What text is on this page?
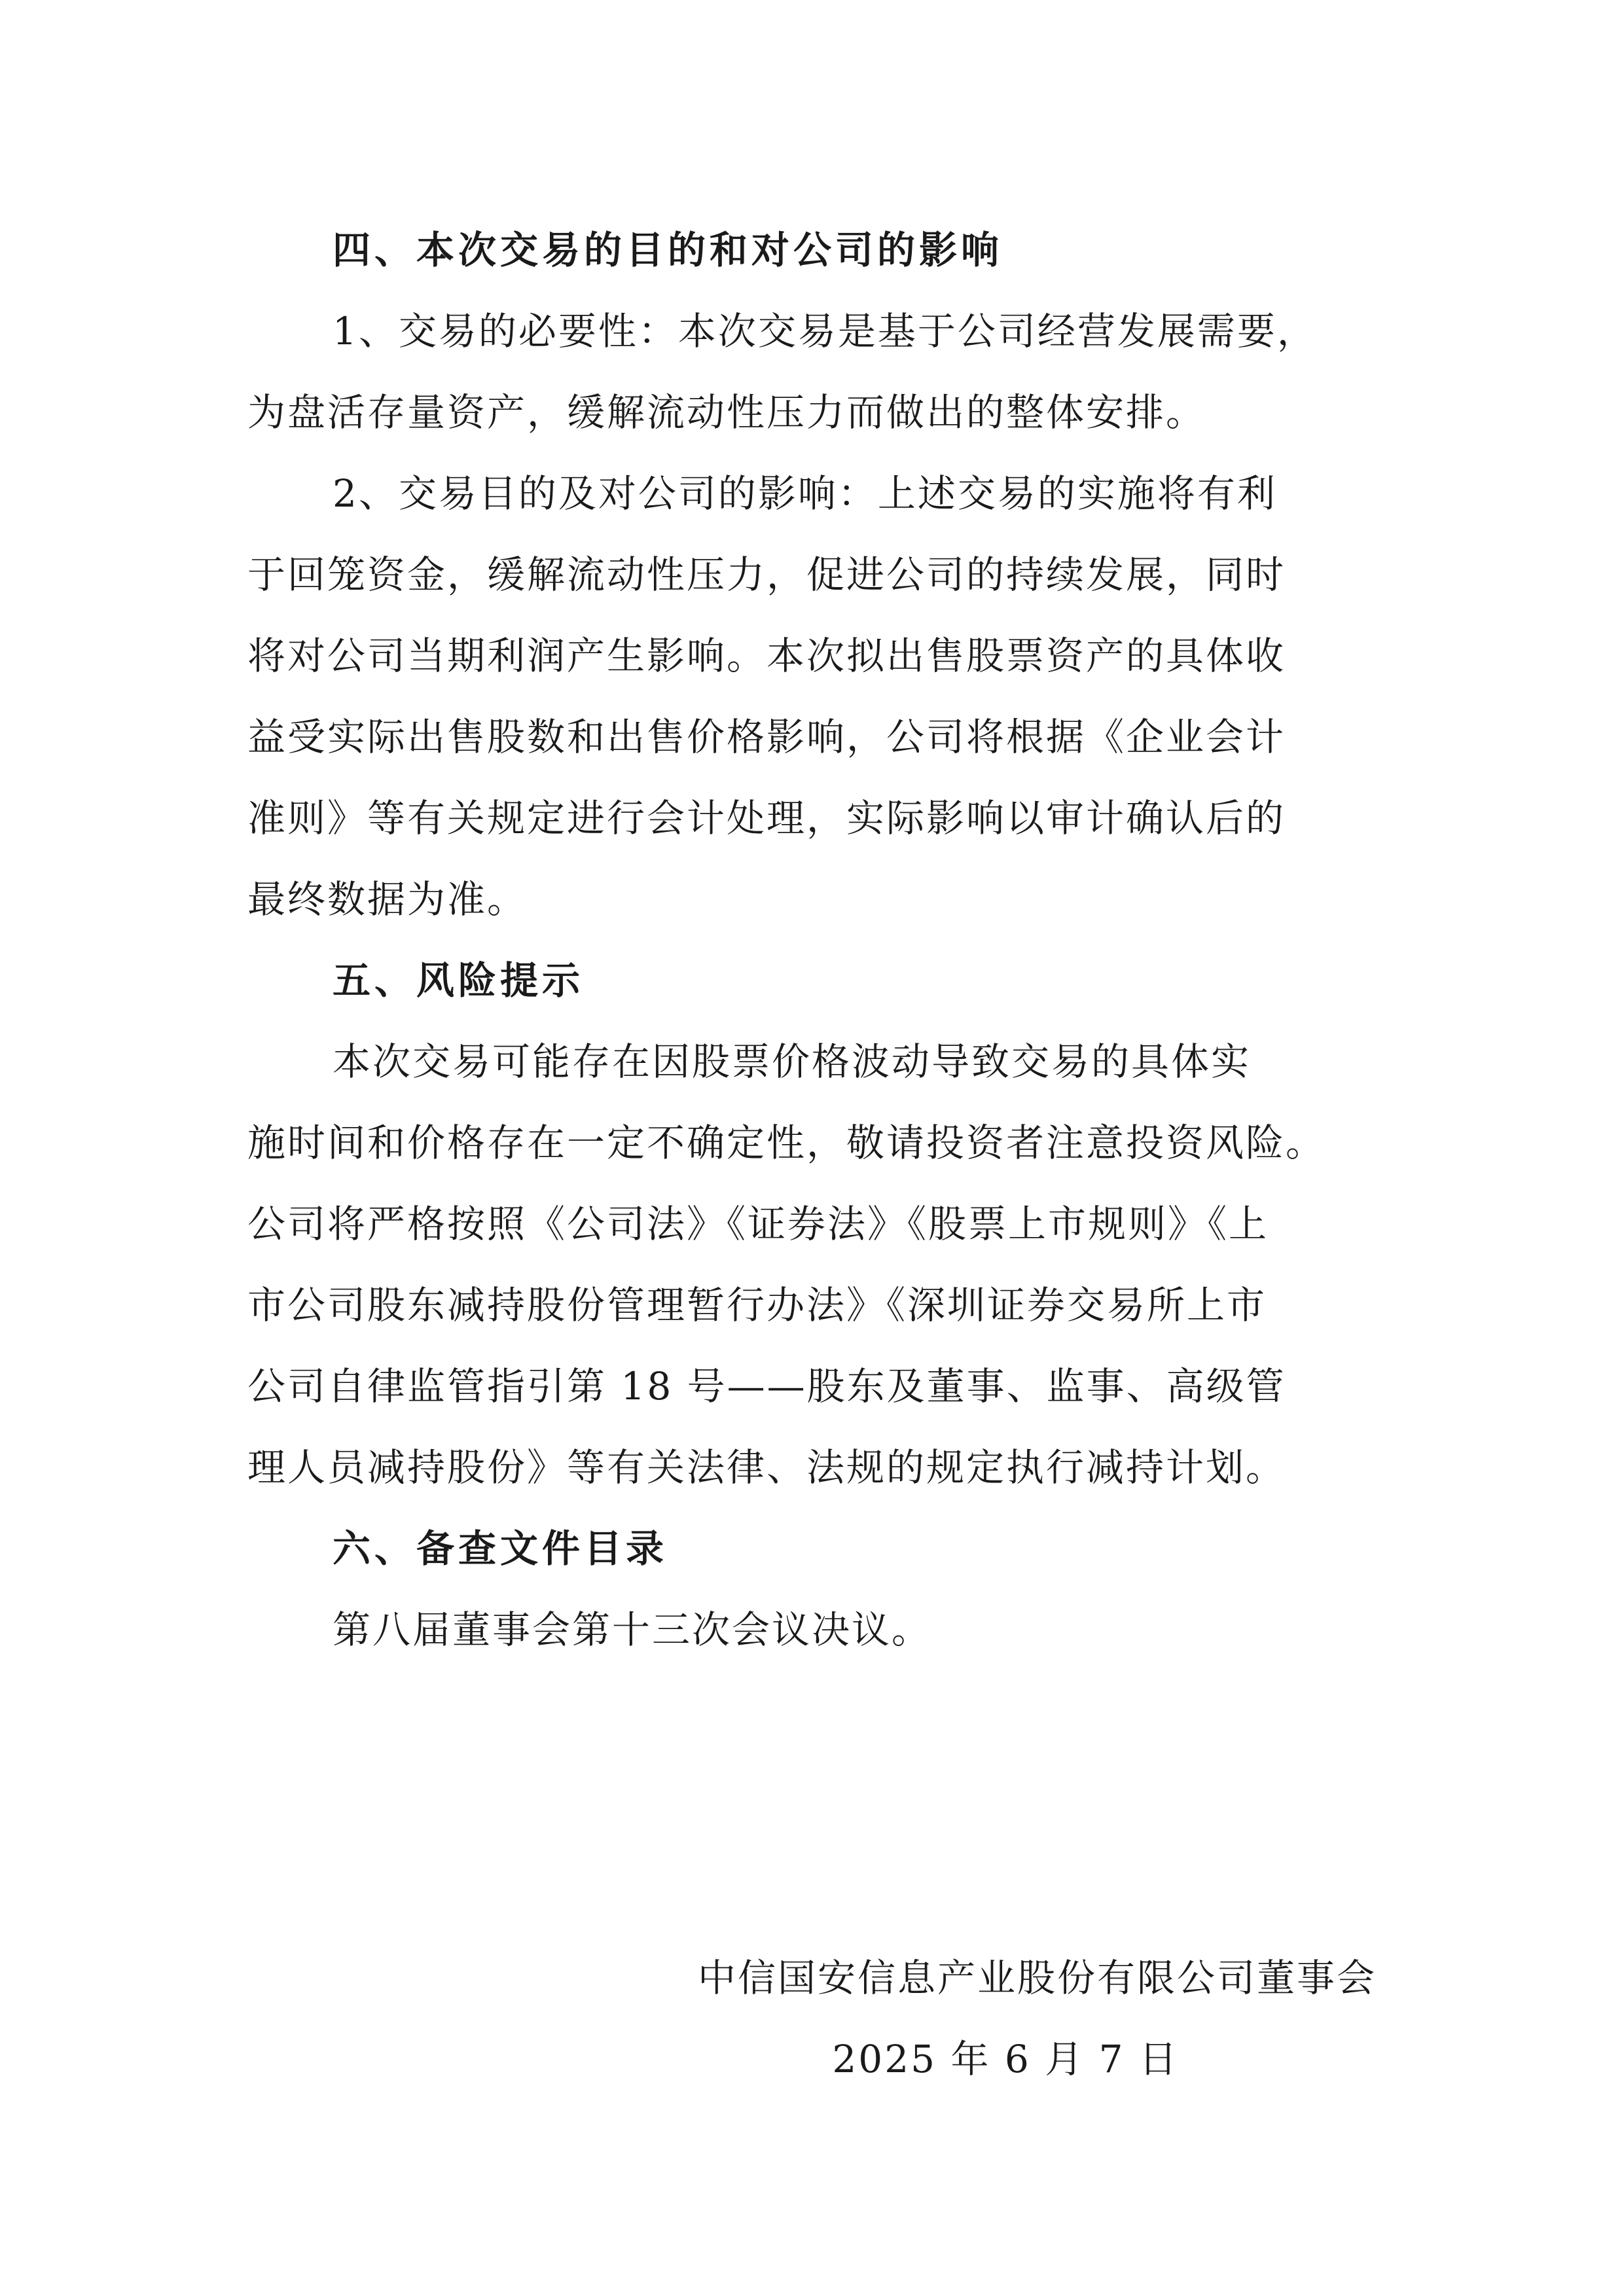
四、本次交易的目的和对公司的影响
1、交易的必要性：本次交易是基于公司经营发展需要，
为盘活存量资产，缓解流动性压力而做出的整体安排。
2、交易目的及对公司的影响：上述交易的实施将有利
于回笼资金，缓解流动性压力，促进公司的持续发展，同时
将对公司当期利润产生影响。本次拟出售股票资产的具体收
益受实际出售股数和出售价格影响，公司将根据《企业会计
准则》等有关规定进行会计处理，实际影响以审计确认后的
最终数据为准。
五、风险提示
本次交易可能存在因股票价格波动导致交易的具体实
施时间和价格存在一定不确定性，敬请投资者注意投资风险。
公司将严格按照《公司法》《证券法》《股票上市规则》《上
市公司股东减持股份管理暂行办法》《深圳证券交易所上市
公司自律监管指引第 18 号——股东及董事、监事、高级管
理人员减持股份》等有关法律、法规的规定执行减持计划。
六、备查文件目录
第八届董事会第十三次会议决议。
中信国安信息产业股份有限公司董事会
2025 年 6 月 7 日
